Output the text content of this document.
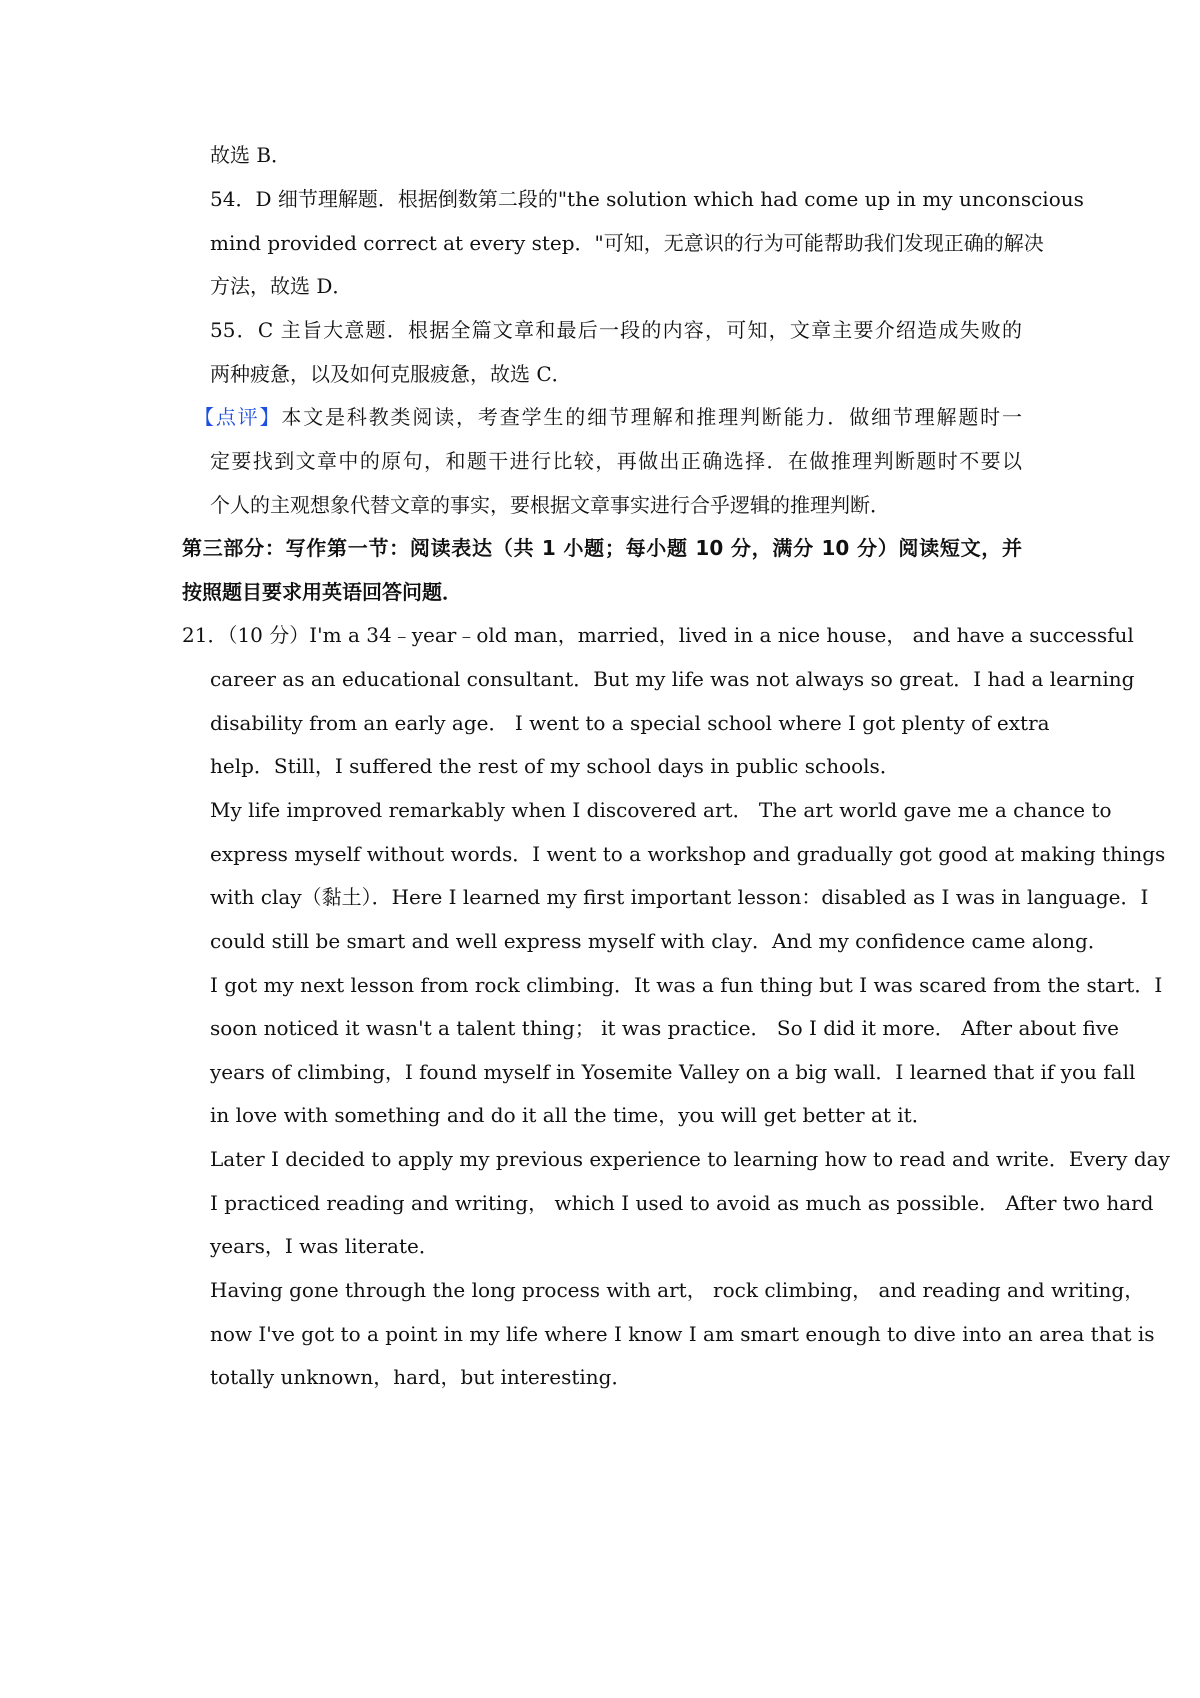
故选 B．
54．D 细节理解题．根据倒数第二段的"the solution which had come up in my unconscious
mind provided correct at every step．"可知，无意识的行为可能帮助我们发现正确的解决
方法，故选 D．
55．C 主旨大意题．根据全篇文章和最后一段的内容，可知，文章主要介绍造成失败的
两种疲惫，以及如何克服疲惫，故选 C．
【点评】本文是科教类阅读，考查学生的细节理解和推理判断能力．做细节理解题时一
定要找到文章中的原句，和题干进行比较，再做出正确选择．在做推理判断题时不要以
个人的主观想象代替文章的事实，要根据文章事实进行合乎逻辑的推理判断．
第三部分：写作第一节：阅读表达（共 1 小题；每小题 10 分，满分 10 分）阅读短文，并
按照题目要求用英语回答问题．
21．（10 分）I'm a 34﹣year﹣old man，married，lived in a nice house， and have a successful
career as an educational consultant．But my life was not always so great．I had a learning
disability from an early age． I went to a special school where I got plenty of extra
help．Still，I suffered the rest of my school days in public schools．
My life improved remarkably when I discovered art． The art world gave me a chance to
express myself without words．I went to a workshop and gradually got good at making things
with clay（黏土）．Here I learned my first important lesson：disabled as I was in language．I
could still be smart and well express myself with clay．And my confidence came along．
I got my next lesson from rock climbing．It was a fun thing but I was scared from the start．I
soon noticed it wasn't a talent thing； it was practice． So I did it more． After about five
years of climbing，I found myself in Yosemite Valley on a big wall．I learned that if you fall
in love with something and do it all the time，you will get better at it．
Later I decided to apply my previous experience to learning how to read and write．Every day
I practiced reading and writing， which I used to avoid as much as possible． After two hard
years，I was literate．
Having gone through the long process with art， rock climbing， and reading and writing，
now I've got to a point in my life where I know I am smart enough to dive into an area that is
totally unknown，hard，but interesting．
